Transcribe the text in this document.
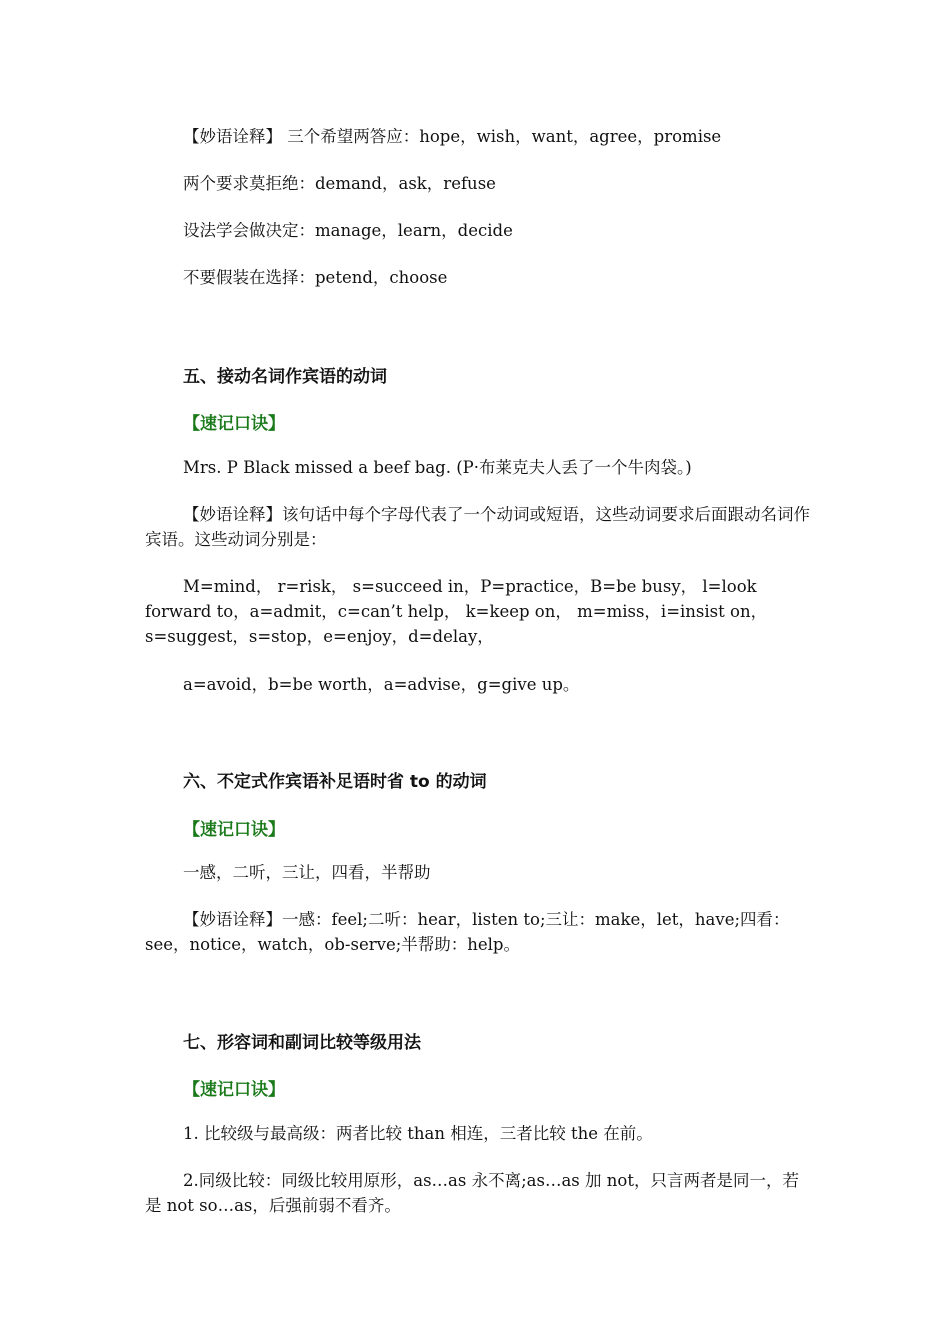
【妙语诠释】 三个希望两答应：hope，wish，want，agree，promise
两个要求莫拒绝：demand，ask，refuse
设法学会做决定：manage，learn，decide
不要假装在选择：petend，choose
五、接动名词作宾语的动词
【速记口诀】
Mrs. P Black missed a beef bag. (P·布莱克夫人丢了一个牛肉袋。)
【妙语诠释】该句话中每个字母代表了一个动词或短语，这些动词要求后面跟动名词作宾语。这些动词分别是：
M=mind， r=risk， s=succeed in，P=practice，B=be busy， l=look forward to，a=admit，c=can’t help， k=keep on， m=miss，i=insist on，s=suggest，s=stop，e=enjoy，d=delay，
a=avoid，b=be worth，a=advise，g=give up。
六、不定式作宾语补足语时省 to 的动词
【速记口诀】
一感，二听，三让，四看，半帮助
【妙语诠释】一感：feel;二听：hear，listen to;三让：make，let，have;四看：see，notice，watch，ob-serve;半帮助：help。
七、形容词和副词比较等级用法
【速记口诀】
1. 比较级与最高级：两者比较 than 相连，三者比较 the 在前。
2.同级比较：同级比较用原形，as…as 永不离;as…as 加 not，只言两者是同一，若是 not so…as，后强前弱不看齐。
